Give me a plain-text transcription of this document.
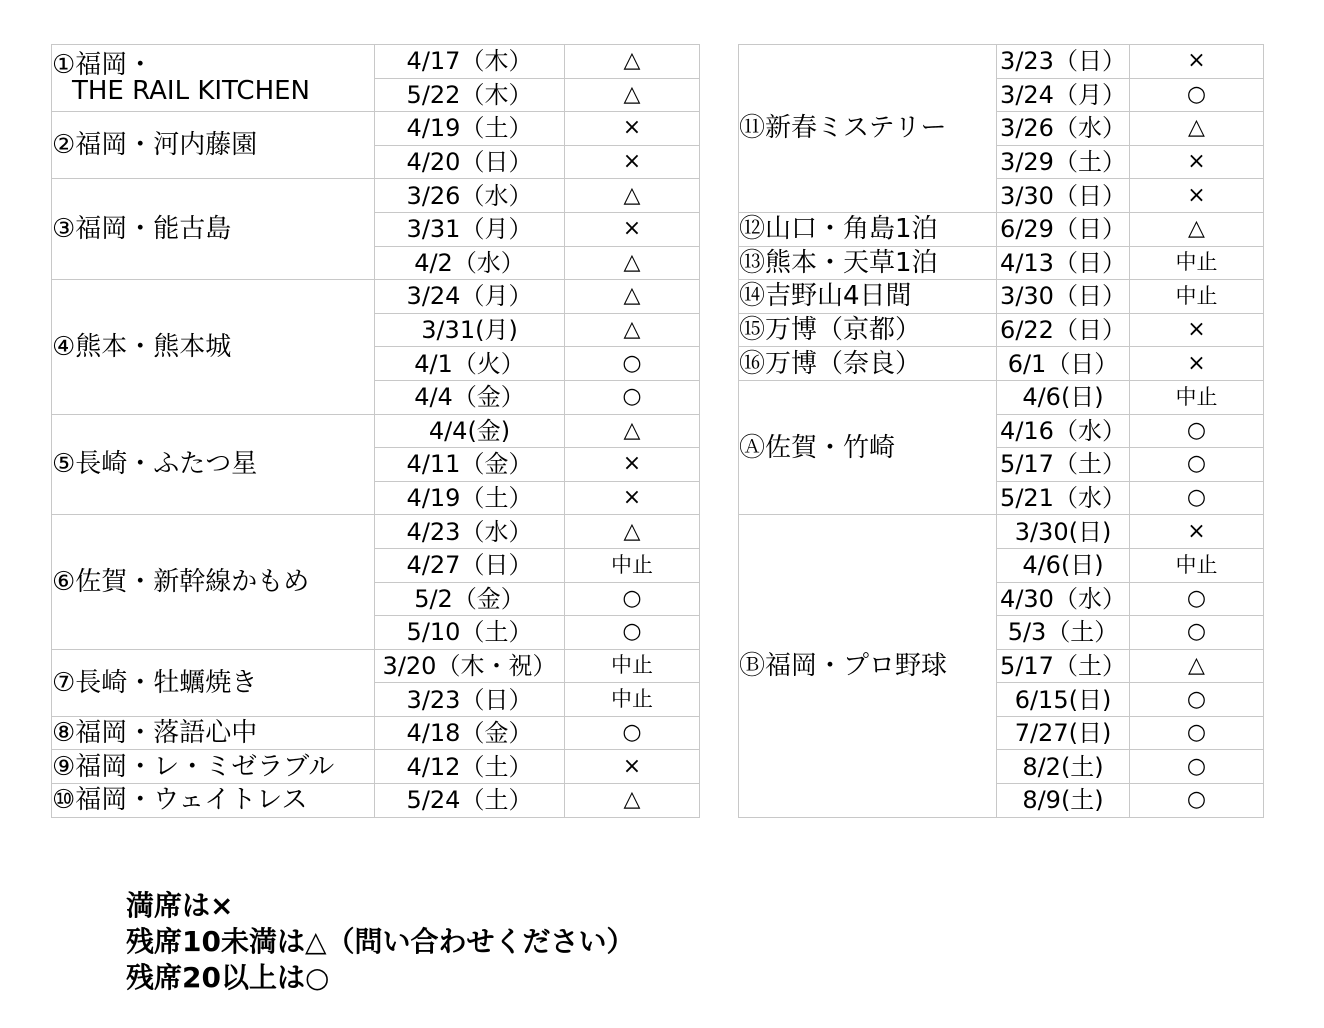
①福岡・
THE RAIL KITCHEN	4/17（木）	△
	5/22（木）	△

②福岡・河内藤園	4/19（土）	×
	4/20（日）	×

③福岡・能古島	3/26（水）	△
	3/31（月）	×
	4/2（水）	△

④熊本・熊本城	3/24（月）	△
	3/31(月)	△
	4/1（火）	○
	4/4（金）	○

⑤長崎・ふたつ星	4/4(金)	△
	4/11（金）	×
	4/19（土）	×

⑥佐賀・新幹線かもめ	4/23（水）	△
	4/27（日）	中止
	5/2（金）	○
	5/10（土）	○

⑦長崎・牡蠣焼き	3/20（木・祝）	中止
	3/23（日）	中止

⑧福岡・落語心中	4/18（金）	○

⑨福岡・レ・ミゼラブル	4/12（土）	×

⑩福岡・ウェイトレス	5/24（土）	△
⑪新春ミステリー	3/23（日）	×
	3/24（月）	○
	3/26（水）	△
	3/29（土）	×
	3/30（日）	×

⑫山口・角島1泊	6/29（日）	△

⑬熊本・天草1泊	4/13（日）	中止

⑭吉野山4日間	3/30（日）	中止

⑮万博（京都）	6/22（日）	×

⑯万博（奈良）	6/1（日）	×

Ⓐ佐賀・竹崎	4/6(日)	中止
	4/16（水）	○
	5/17（土）	○
	5/21（水）	○

Ⓑ福岡・プロ野球	3/30(日)	×
	4/6(日)	中止
	4/30（水）	○
	5/3（土）	○
	5/17（土）	△
	6/15(日)	○
	7/27(日)	○
	8/2(土)	○
	8/9(土)	○
満席は×
残席10未満は△（問い合わせください）
残席20以上は○
